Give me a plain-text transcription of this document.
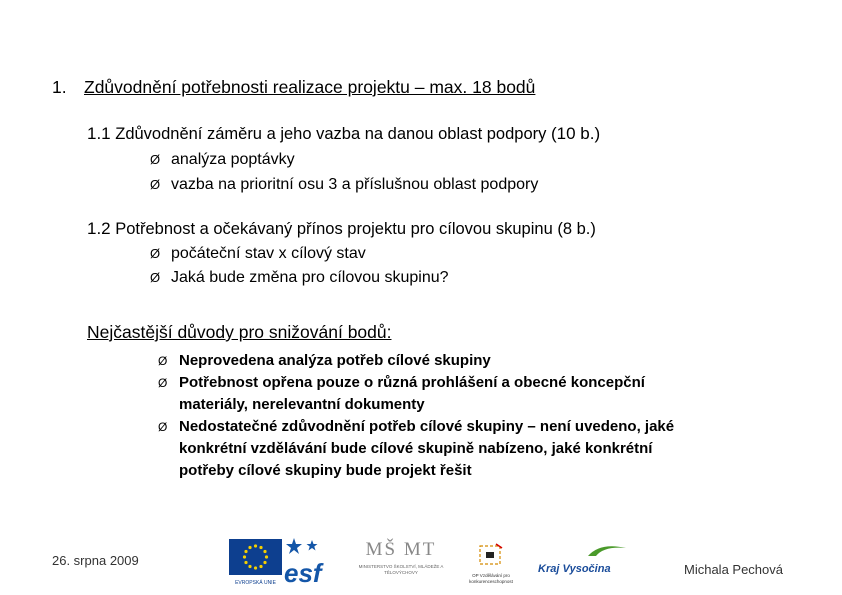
1. Zdůvodnění potřebnosti realizace projektu – max. 18 bodů
1.1 Zdůvodnění záměru a jeho vazba na danou oblast podpory (10 b.)
Ø analýza poptávky
Ø vazba na prioritní osu 3 a příslušnou oblast podpory
1.2 Potřebnost a očekávaný přínos projektu pro cílovou skupinu (8 b.)
Ø počáteční stav x cílový stav
Ø Jaká bude změna pro cílovou skupinu?
Nejčastější důvody pro snižování bodů:
Ø Neprovedena analýza potřeb cílové skupiny
Ø Potřebnost opřena pouze o různá prohlášení a obecné koncepční
materiály, nerelevantní dokumenty
Ø Nedostatečné zdůvodnění potřeb cílové skupiny – není uvedeno, jaké
konkrétní vzdělávání bude cílové skupině nabízeno, jaké konkrétní
potřeby cílové skupiny bude projekt řešit
26. srpna 2009
Michala Pechová
EVROPSKÁ UNIE esf
MŠ MT
MINISTERSTVO ŠKOLSTVÍ, MLÁDEŽE A TĚLOVÝCHOVY
OP Vzdělávání pro konkurenceschopnost
Kraj Vysočina
